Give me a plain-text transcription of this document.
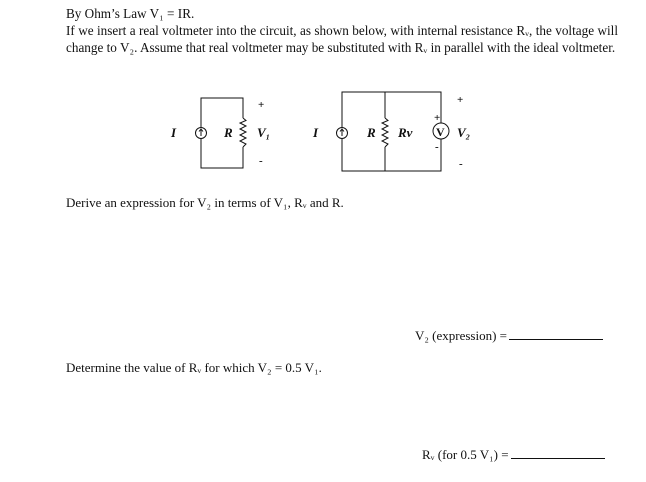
By Ohm’s Law V₁ = IR.

If we insert a real voltmeter into the circuit, as shown below, with internal resistance Rᵥ, the voltage will change to V₂. Assume that real voltmeter may be substituted with Rᵥ in parallel with the ideal voltmeter.

I	R V₁
+
-
I	R Rv V
+
-
V₂
+
-
Derive an expression for V₂ in terms of V₁, Rᵥ and R.
V₂ (expression) =
Determine the value of Rᵥ for which V₂ = 0.5 V₁.
Rᵥ (for 0.5 V₁) =
